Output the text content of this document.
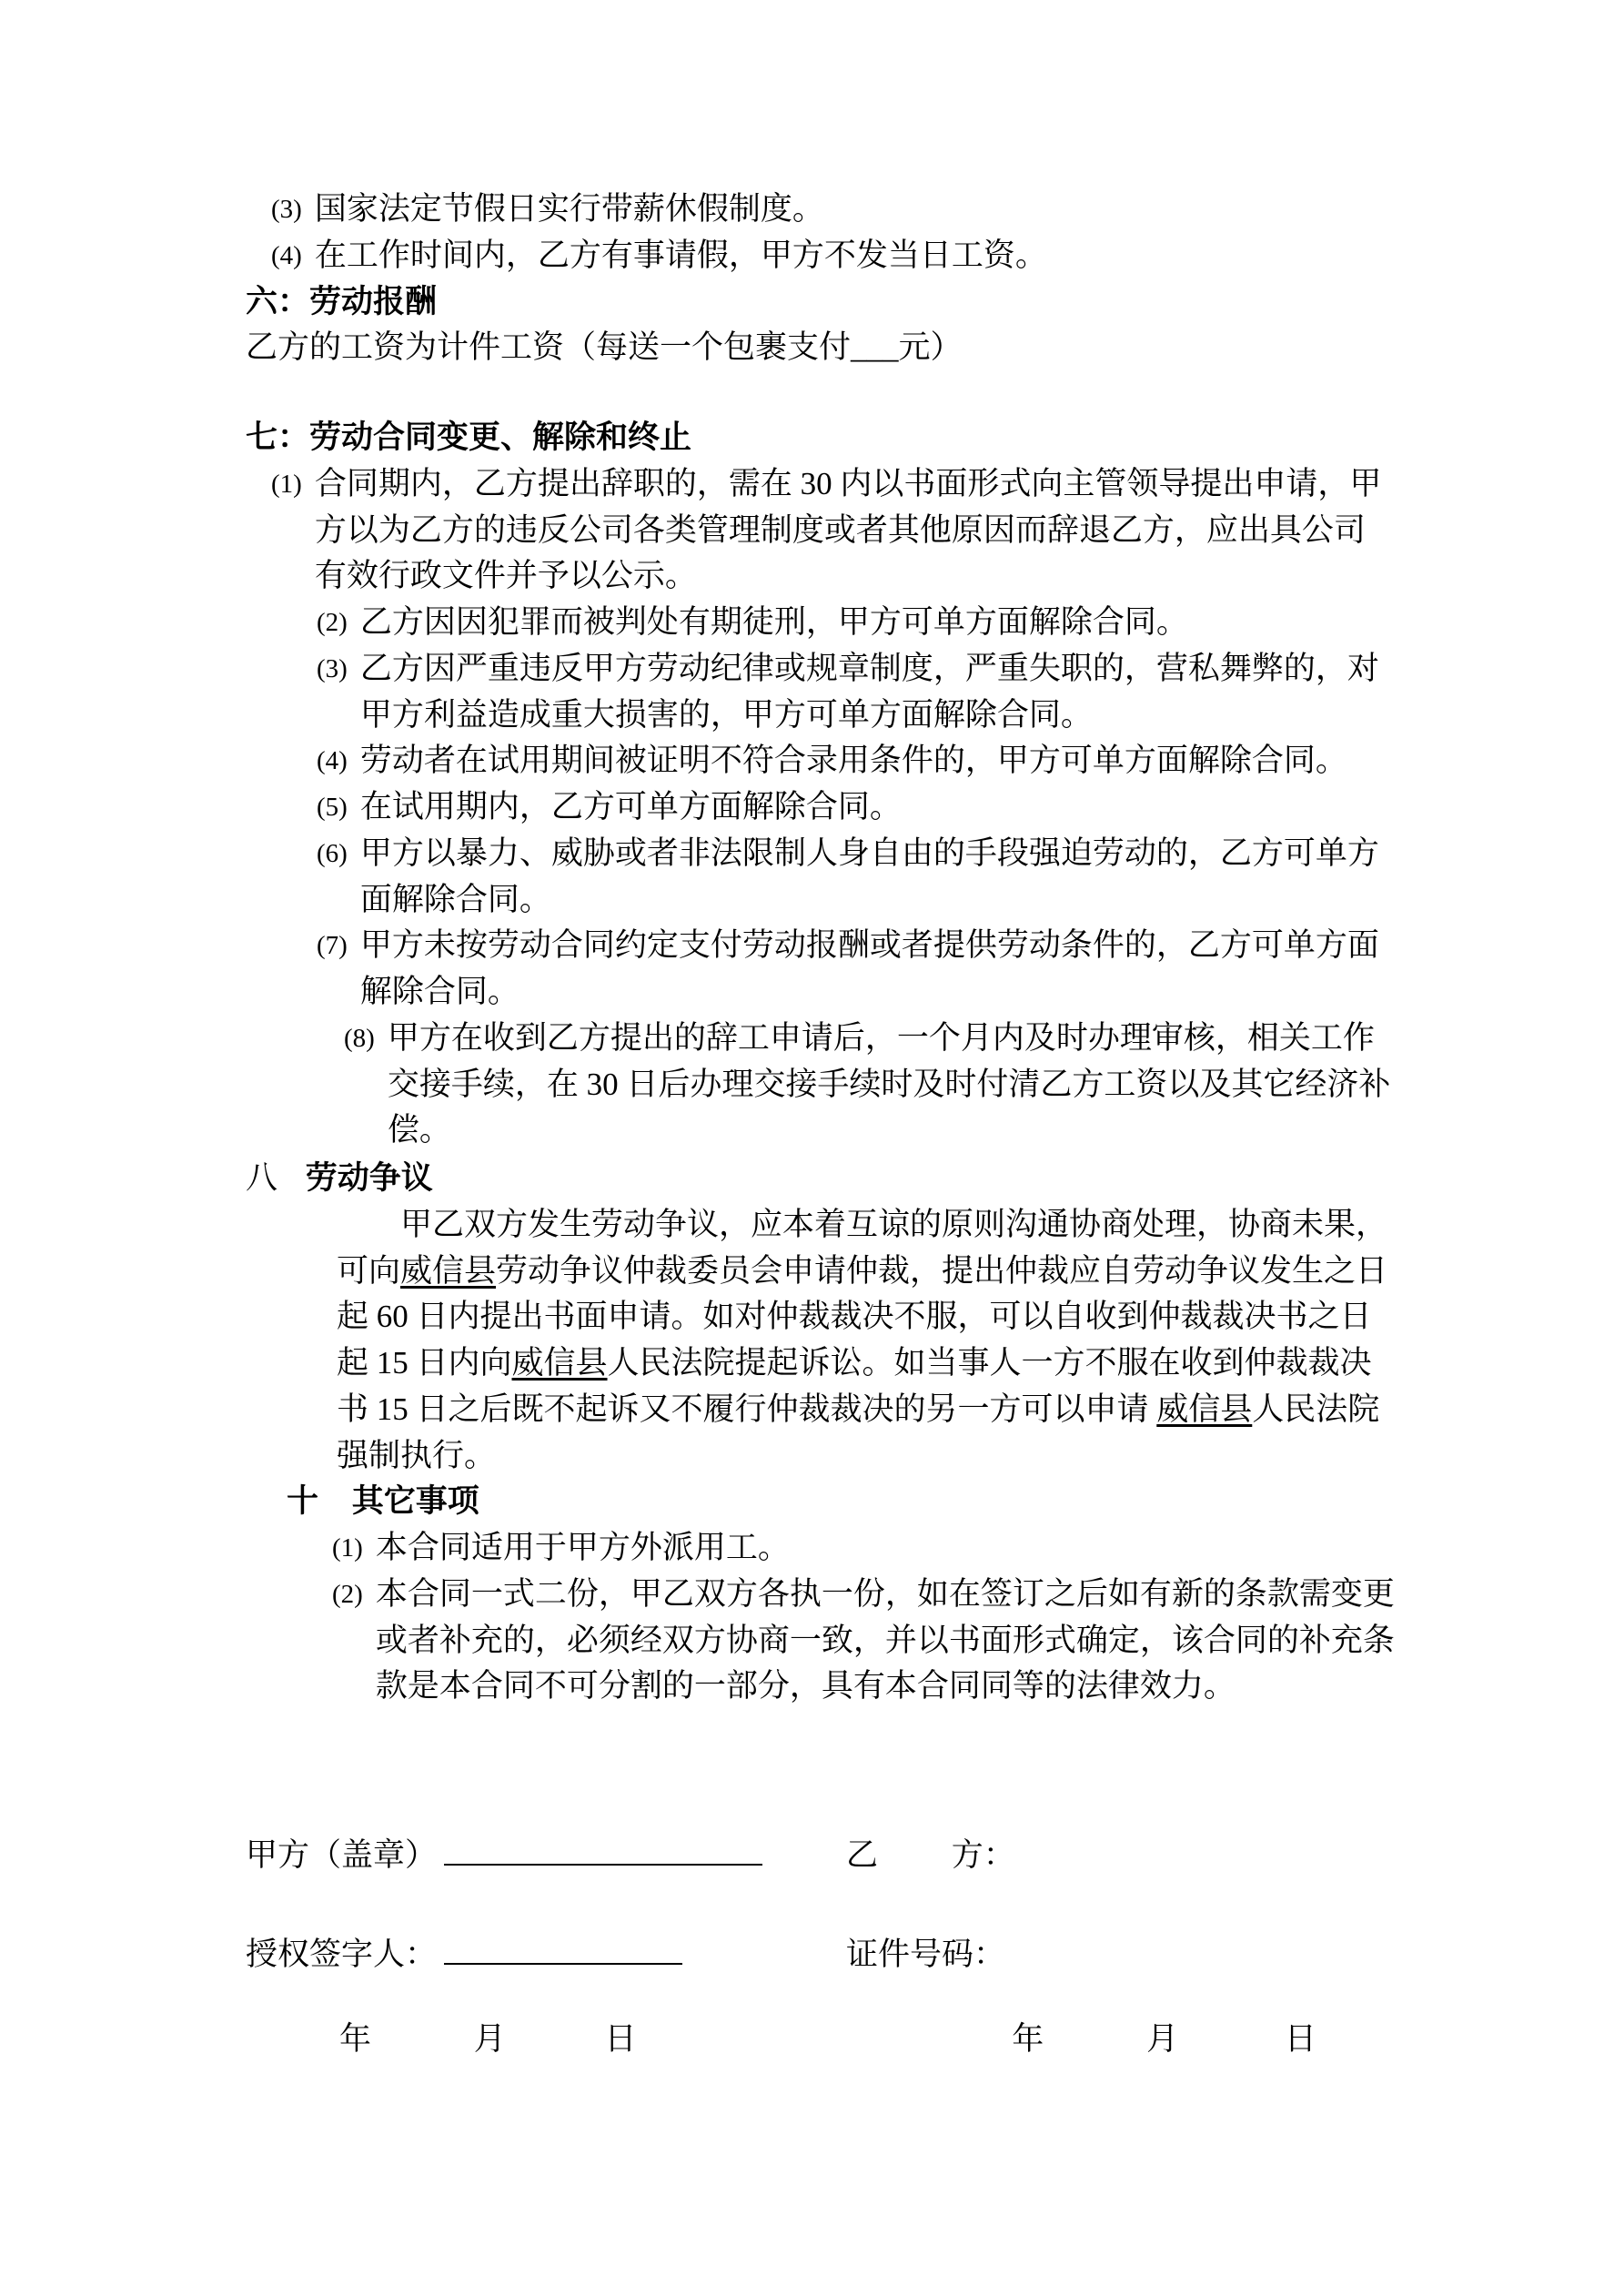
(3) 国家法定节假日实行带薪休假制度。
(4) 在工作时间内，乙方有事请假，甲方不发当日工资。
六：劳动报酬
乙方的工资为计件工资（每送一个包裹支付___元）
七：劳动合同变更、解除和终止
(1) 合同期内，乙方提出辞职的，需在 30 内以书面形式向主管领导提出申请，甲方以为乙方的违反公司各类管理制度或者其他原因而辞退乙方，应出具公司有效行政文件并予以公示。
(2) 乙方因因犯罪而被判处有期徒刑，甲方可单方面解除合同。
(3) 乙方因严重违反甲方劳动纪律或规章制度，严重失职的，营私舞弊的，对甲方利益造成重大损害的，甲方可单方面解除合同。
(4) 劳动者在试用期间被证明不符合录用条件的，甲方可单方面解除合同。
(5) 在试用期内，乙方可单方面解除合同。
(6) 甲方以暴力、威胁或者非法限制人身自由的手段强迫劳动的，乙方可单方面解除合同。
(7) 甲方未按劳动合同约定支付劳动报酬或者提供劳动条件的，乙方可单方面解除合同。
(8) 甲方在收到乙方提出的辞工申请后，一个月内及时办理审核，相关工作交接手续，在 30 日后办理交接手续时及时付清乙方工资以及其它经济补偿。
八 劳动争议

甲乙双方发生劳动争议，应本着互谅的原则沟通协商处理，协商未果，可向威信县劳动争议仲裁委员会申请仲裁，提出仲裁应自劳动争议发生之日起 60 日内提出书面申请。如对仲裁裁决不服，可以自收到仲裁裁决书之日起 15 日内向威信县人民法院提起诉讼。如当事人一方不服在收到仲裁裁决书 15 日之后既不起诉又不履行仲裁裁决的另一方可以申请 威信县人民法院强制执行。

十 其它事项
(1) 本合同适用于甲方外派用工。
(2) 本合同一式二份，甲乙双方各执一份，如在签订之后如有新的条款需变更或者补充的，必须经双方协商一致，并以书面形式确定，该合同的补充条款是本合同不可分割的一部分，具有本合同同等的法律效力。
甲方（盖章）	乙 方：
授权签字人：	证件号码：
年	月	日	年	月	日
